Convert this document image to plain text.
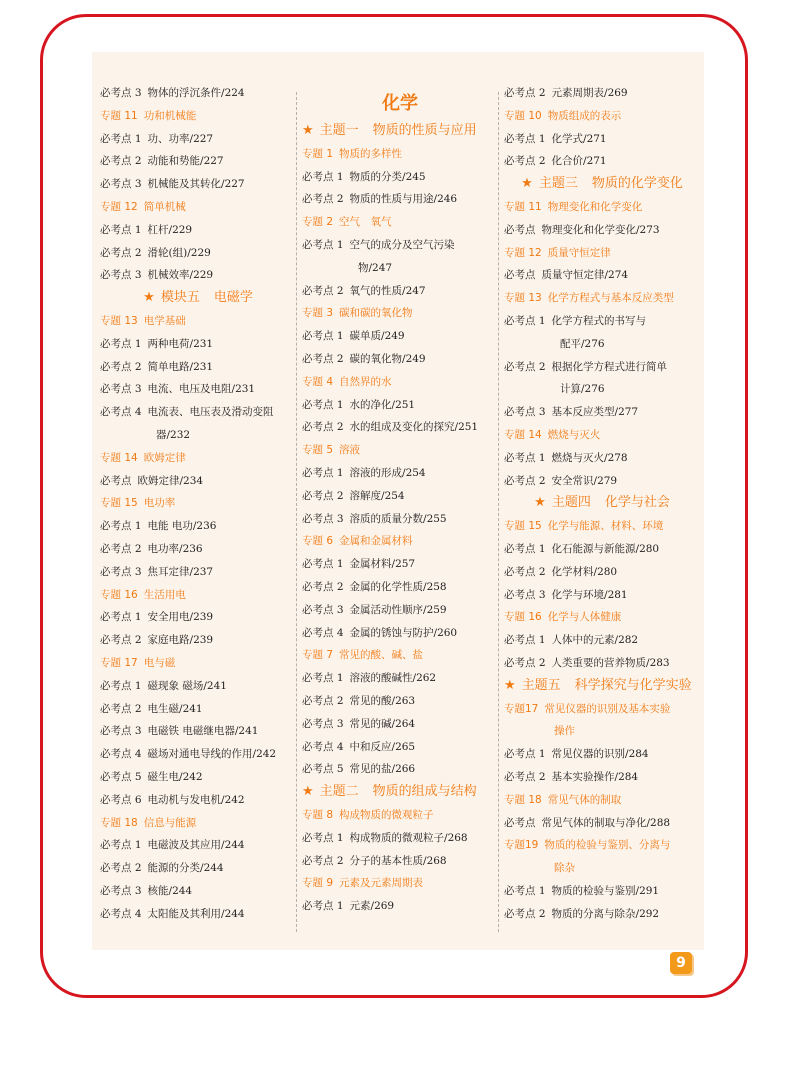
必考点 3 物体的浮沉条件/224
专题 11 功和机械能
必考点 1 功、功率/227
必考点 2 动能和势能/227
必考点 3 机械能及其转化/227
专题 12 简单机械
必考点 1 杠杆/229
必考点 2 滑轮(组)/229
必考点 3 机械效率/229
★ 模块五 电磁学
专题 13 电学基础
必考点 1 两种电荷/231
必考点 2 简单电路/231
必考点 3 电流、电压及电阻/231
必考点 4 电流表、电压表及滑动变阻
器/232
专题 14 欧姆定律
必考点 欧姆定律/234
专题 15 电功率
必考点 1 电能 电功/236
必考点 2 电功率/236
必考点 3 焦耳定律/237
专题 16 生活用电
必考点 1 安全用电/239
必考点 2 家庭电路/239
专题 17 电与磁
必考点 1 磁现象 磁场/241
必考点 2 电生磁/241
必考点 3 电磁铁 电磁继电器/241
必考点 4 磁场对通电导线的作用/242
必考点 5 磁生电/242
必考点 6 电动机与发电机/242
专题 18 信息与能源
必考点 1 电磁波及其应用/244
必考点 2 能源的分类/244
必考点 3 核能/244
必考点 4 太阳能及其利用/244
化学
★ 主题一 物质的性质与应用
专题 1 物质的多样性
必考点 1 物质的分类/245
必考点 2 物质的性质与用途/246
专题 2 空气　氧气
必考点 1 空气的成分及空气污染
物/247
必考点 2 氧气的性质/247
专题 3 碳和碳的氧化物
必考点 1 碳单质/249
必考点 2 碳的氧化物/249
专题 4 自然界的水
必考点 1 水的净化/251
必考点 2 水的组成及变化的探究/251
专题 5 溶液
必考点 1 溶液的形成/254
必考点 2 溶解度/254
必考点 3 溶质的质量分数/255
专题 6 金属和金属材料
必考点 1 金属材料/257
必考点 2 金属的化学性质/258
必考点 3 金属活动性顺序/259
必考点 4 金属的锈蚀与防护/260
专题 7 常见的酸、碱、盐
必考点 1 溶液的酸碱性/262
必考点 2 常见的酸/263
必考点 3 常见的碱/264
必考点 4 中和反应/265
必考点 5 常见的盐/266
★ 主题二 物质的组成与结构
专题 8 构成物质的微观粒子
必考点 1 构成物质的微观粒子/268
必考点 2 分子的基本性质/268
专题 9 元素及元素周期表
必考点 1 元素/269
必考点 2 元素周期表/269
专题 10 物质组成的表示
必考点 1 化学式/271
必考点 2 化合价/271
★ 主题三 物质的化学变化
专题 11 物理变化和化学变化
必考点 物理变化和化学变化/273
专题 12 质量守恒定律
必考点 质量守恒定律/274
专题 13 化学方程式与基本反应类型
必考点 1 化学方程式的书写与
配平/276
必考点 2 根据化学方程式进行简单
计算/276
必考点 3 基本反应类型/277
专题 14 燃烧与灭火
必考点 1 燃烧与灭火/278
必考点 2 安全常识/279
★ 主题四 化学与社会
专题 15 化学与能源、材料、环境
必考点 1 化石能源与新能源/280
必考点 2 化学材料/280
必考点 3 化学与环境/281
专题 16 化学与人体健康
必考点 1 人体中的元素/282
必考点 2 人类重要的营养物质/283
★ 主题五 科学探究与化学实验
专题17 常见仪器的识别及基本实验
操作
必考点 1 常见仪器的识别/284
必考点 2 基本实验操作/284
专题 18 常见气体的制取
必考点 常见气体的制取与净化/288
专题19 物质的检验与鉴别、分离与
除杂
必考点 1 物质的检验与鉴别/291
必考点 2 物质的分离与除杂/292
9
